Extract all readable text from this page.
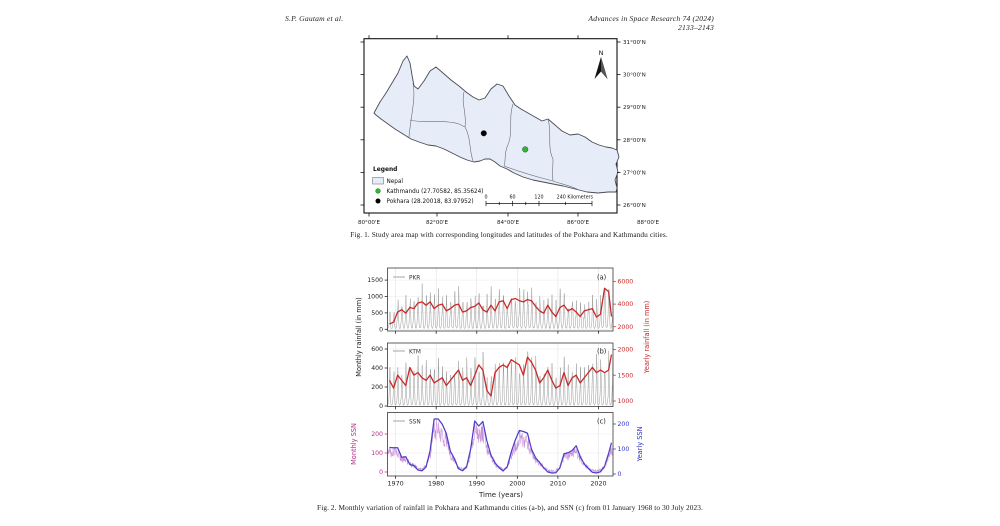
S.P. Gautam et al.	Advances in Space Research 74 (2024) 2133–2143
31°00'N
30°00'N
29°00'N
28°00'N
27°00'N
26°00'N
80°00'E	82°00'E	84°00'E	86°00'E	88°00'E
0	60	120	240 Kilometers
N
Legend
Nepal
Kathmandu (27.70582, 85.35624)
Pokhara (28.20018, 83.97952)
Fig. 1. Study area map with corresponding longitudes and latitudes of the Pokhara and Kathmandu cities.
0
500
1000
1500
2000
4000
6000
0
200
400
600
1000
1500
2000
0
100
200
0
100
200
1970	1980	1990	2000	2010	2020
Monthly rainfall (in mm)	Yearly rainfall (in mm)
Monthly SSN	Yearly SSN
Time (years)
PKR	(a)
KTM	(b)
SSN	(c)
Fig. 2. Monthly variation of rainfall in Pokhara and Kathmandu cities (a-b), and SSN (c) from 01 January 1968 to 30 July 2023.
